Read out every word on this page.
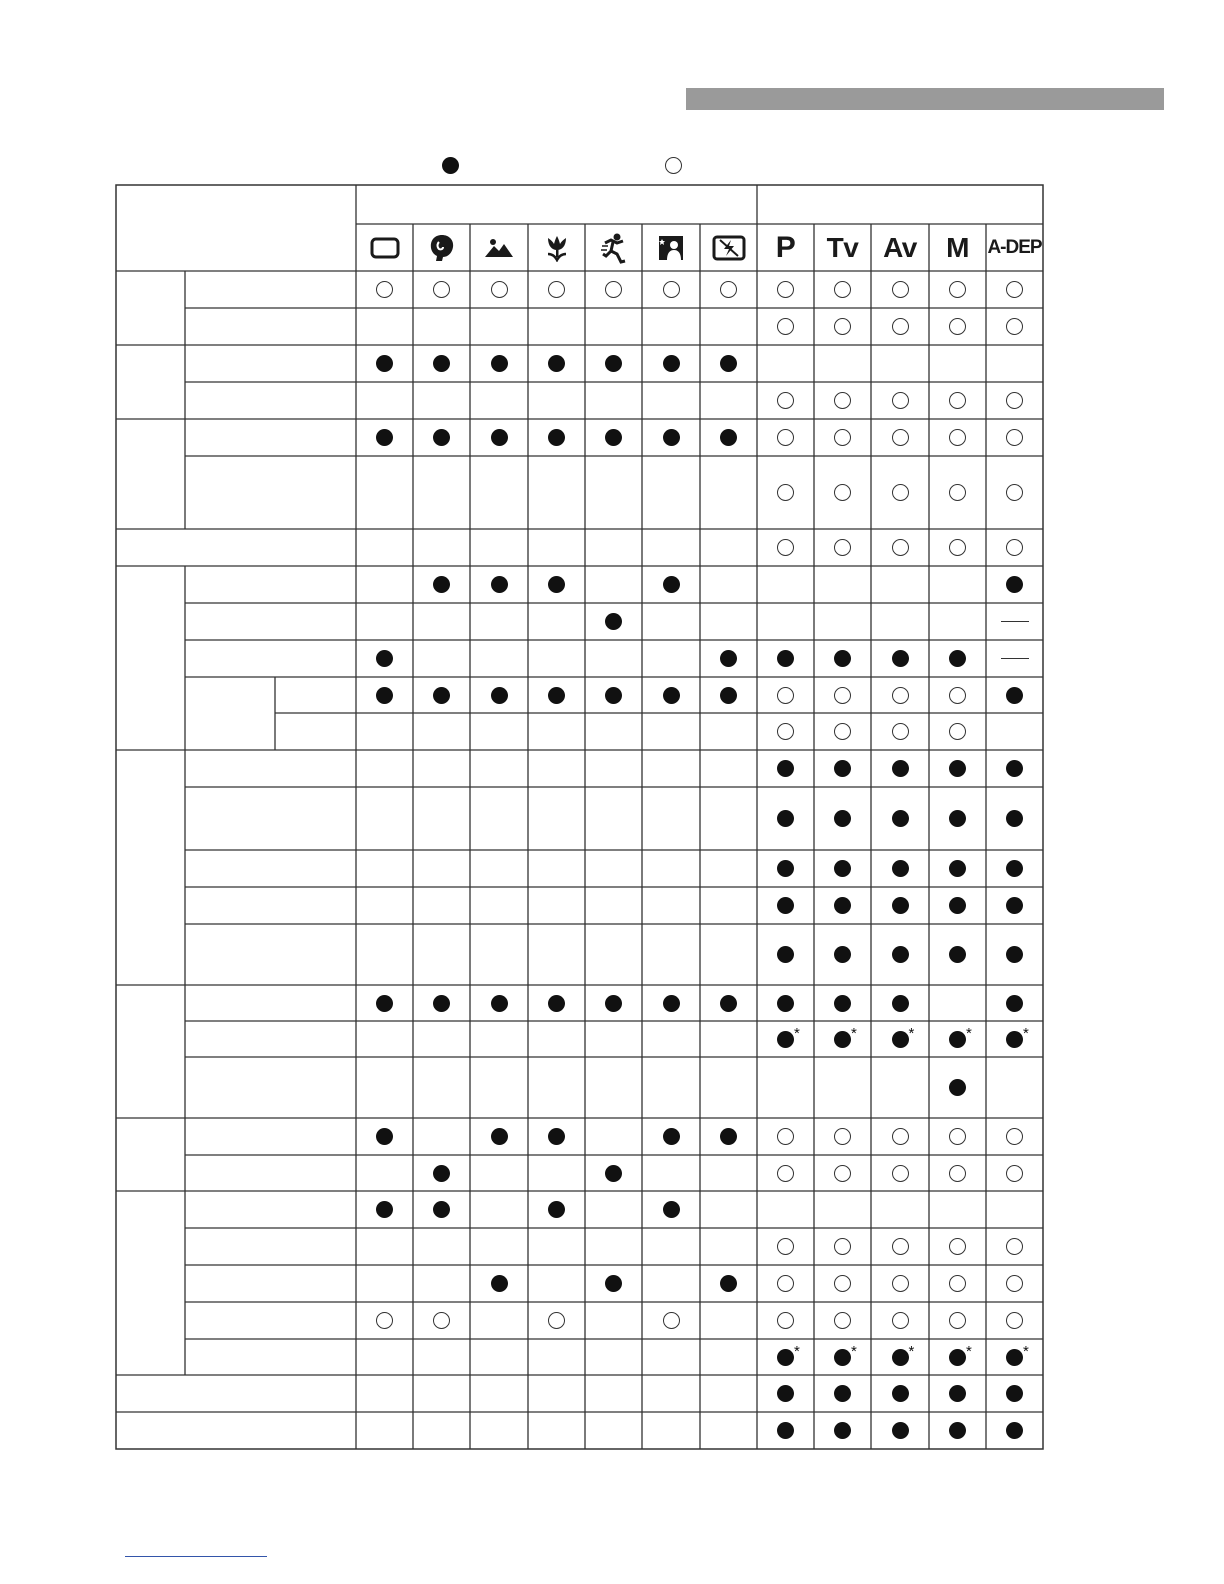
P Tv Av M A-DEP
*
*
*
*
*
*
*
*
*
*
